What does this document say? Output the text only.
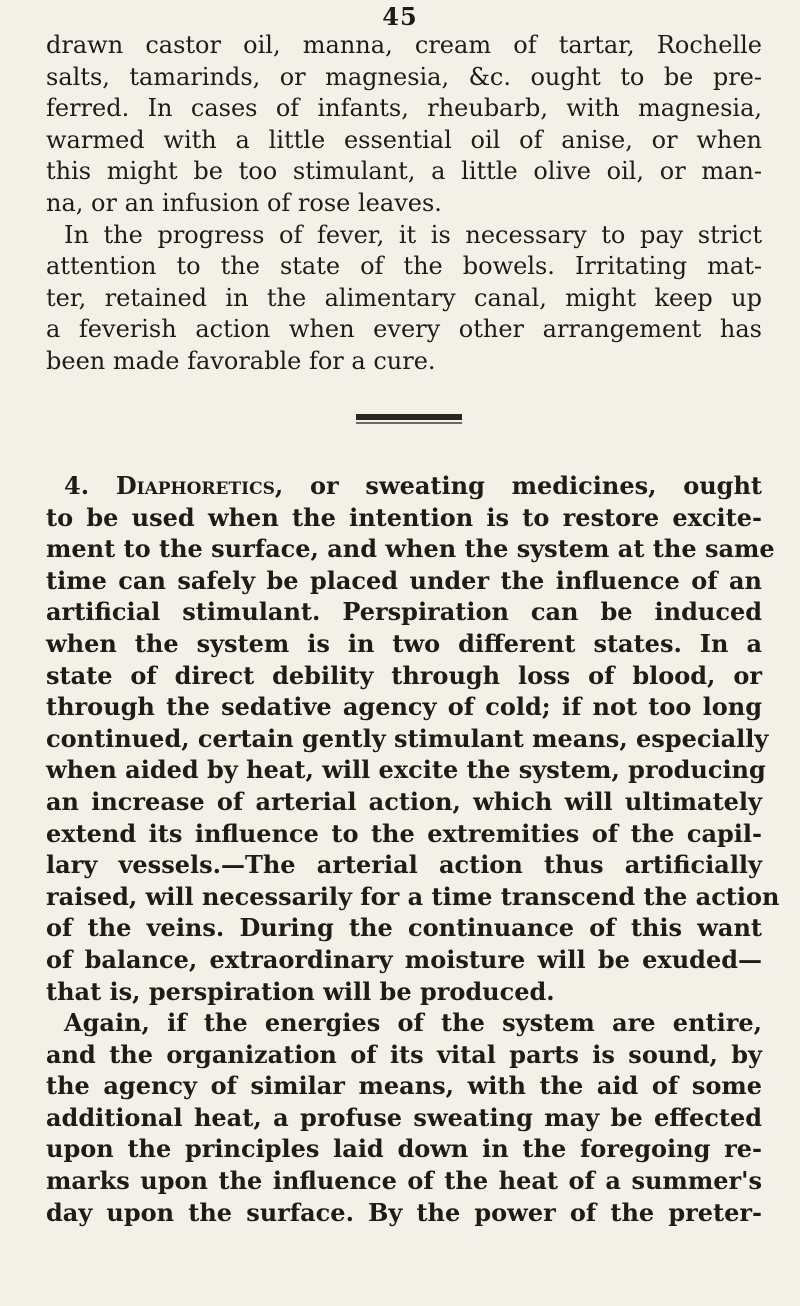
45

drawn castor oil, manna, cream of tartar, Rochelle
salts, tamarinds, or magnesia, &c. ought to be pre-
ferred. In cases of infants, rheubarb, with magnesia,
warmed with a little essential oil of anise, or when
this might be too stimulant, a little olive oil, or man-
na, or an infusion of rose leaves.

In the progress of fever, it is necessary to pay strict
attention to the state of the bowels. Irritating mat-
ter, retained in the alimentary canal, might keep up
a feverish action when every other arrangement has
been made favorable for a cure.

4. Diaphoretics, or sweating medicines, ought
to be used when the intention is to restore excite-
ment to the surface, and when the system at the same
time can safely be placed under the influence of an
artificial stimulant. Perspiration can be induced
when the system is in two different states. In a
state of direct debility through loss of blood, or
through the sedative agency of cold; if not too long
continued, certain gently stimulant means, especially
when aided by heat, will excite the system, producing
an increase of arterial action, which will ultimately
extend its influence to the extremities of the capil-
lary vessels.—The arterial action thus artificially
raised, will necessarily for a time transcend the action
of the veins. During the continuance of this want
of balance, extraordinary moisture will be exuded—
that is, perspiration will be produced.

Again, if the energies of the system are entire,
and the organization of its vital parts is sound, by
the agency of similar means, with the aid of some
additional heat, a profuse sweating may be effected
upon the principles laid down in the foregoing re-
marks upon the influence of the heat of a summer's
day upon the surface. By the power of the preter-
